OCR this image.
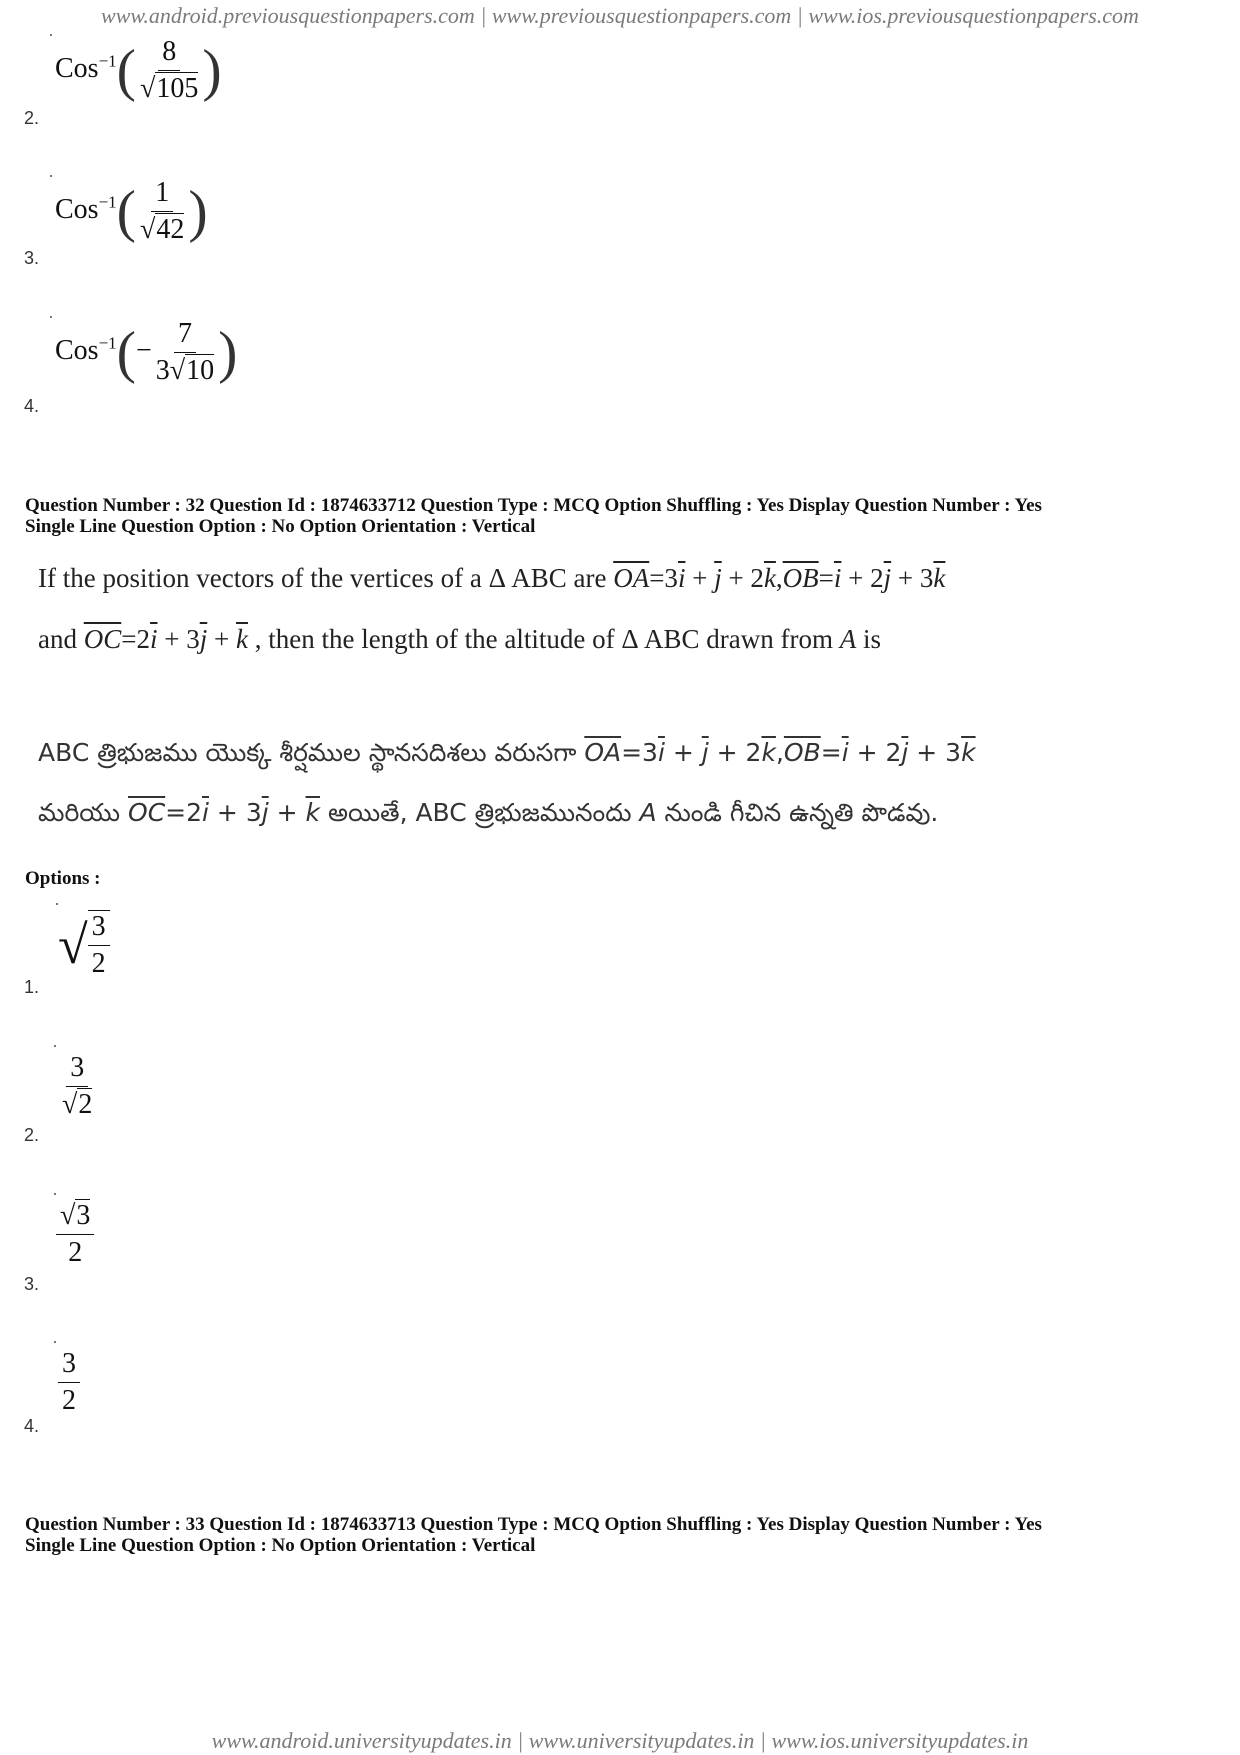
www.android.previousquestionpapers.com | www.previousquestionpapers.com | www.ios.previousquestionpapers.com
$Cos^{-1}( \frac{8}{√105}$ )
2.
$Cos^{-1}( \frac{1}{√42}$ )
3.
$Cos^{-1}(- \frac{7}{3√10}$ )
4.
Question Number : 32 Question Id : 1874633712 Question Type : MCQ Option Shuffling : Yes Display Question Number : Yes
Single Line Question Option : No Option Orientation : Vertical
If the position vectors of the vertices of a Δ ABC are $\overline{OA}=3\overline{i} + \overline{j} + 2\overline{k},\overline{OB}=\overline{i} + 2\overline{j} + 3\overline{k}$
and $\overline{OC}=2\overline{i} + 3\overline{j} + \overline{k}$ , then the length of the altitude of Δ ABC drawn from A is
ABC త్రిభుజము యొక్క శీర్షముల స్థానసదిశలు వరుసగా $\overline{OA}=3\overline{i} + \overline{j} + 2\overline{k},\overline{OB}=\overline{i} + 2\overline{j} + 3\overline{k}$
మరియు $\overline{OC}=2\overline{i} + 3\overline{j} + \overline{k}$ అయితే, ABC త్రిభుజమునందు A నుండి గీచిన ఉన్నతి పొడవు.
Options :
√ $\frac{3}{2}$
1.
$\frac{3}{√2}$
2.
$\frac{√3}{2}$
3.
$\frac{3}{2}$
4.
Question Number : 33 Question Id : 1874633713 Question Type : MCQ Option Shuffling : Yes Display Question Number : Yes
Single Line Question Option : No Option Orientation : Vertical
www.android.universityupdates.in | www.universityupdates.in | www.ios.universityupdates.in
